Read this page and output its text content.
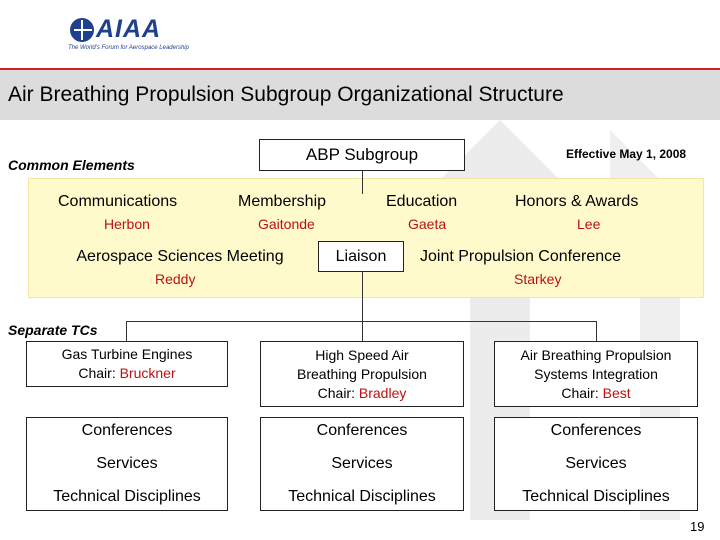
AIAA
The World's Forum for Aerospace Leadership
Air Breathing Propulsion Subgroup Organizational Structure
Effective May 1, 2008
Common Elements
ABP Subgroup
Communications
Herbon
Membership
Gaitonde
Education
Gaeta
Honors & Awards
Lee
Aerospace Sciences Meeting
Reddy
Liaison Joint Propulsion Conference
Starkey
Separate TCs
Gas Turbine Engines
Chair: Bruckner
High Speed Air
Breathing Propulsion
Chair: Bradley
Air Breathing Propulsion
Systems Integration
Chair: Best
Conferences
Services
Technical Disciplines
Conferences
Services
Technical Disciplines
Conferences
Services
Technical Disciplines
19
